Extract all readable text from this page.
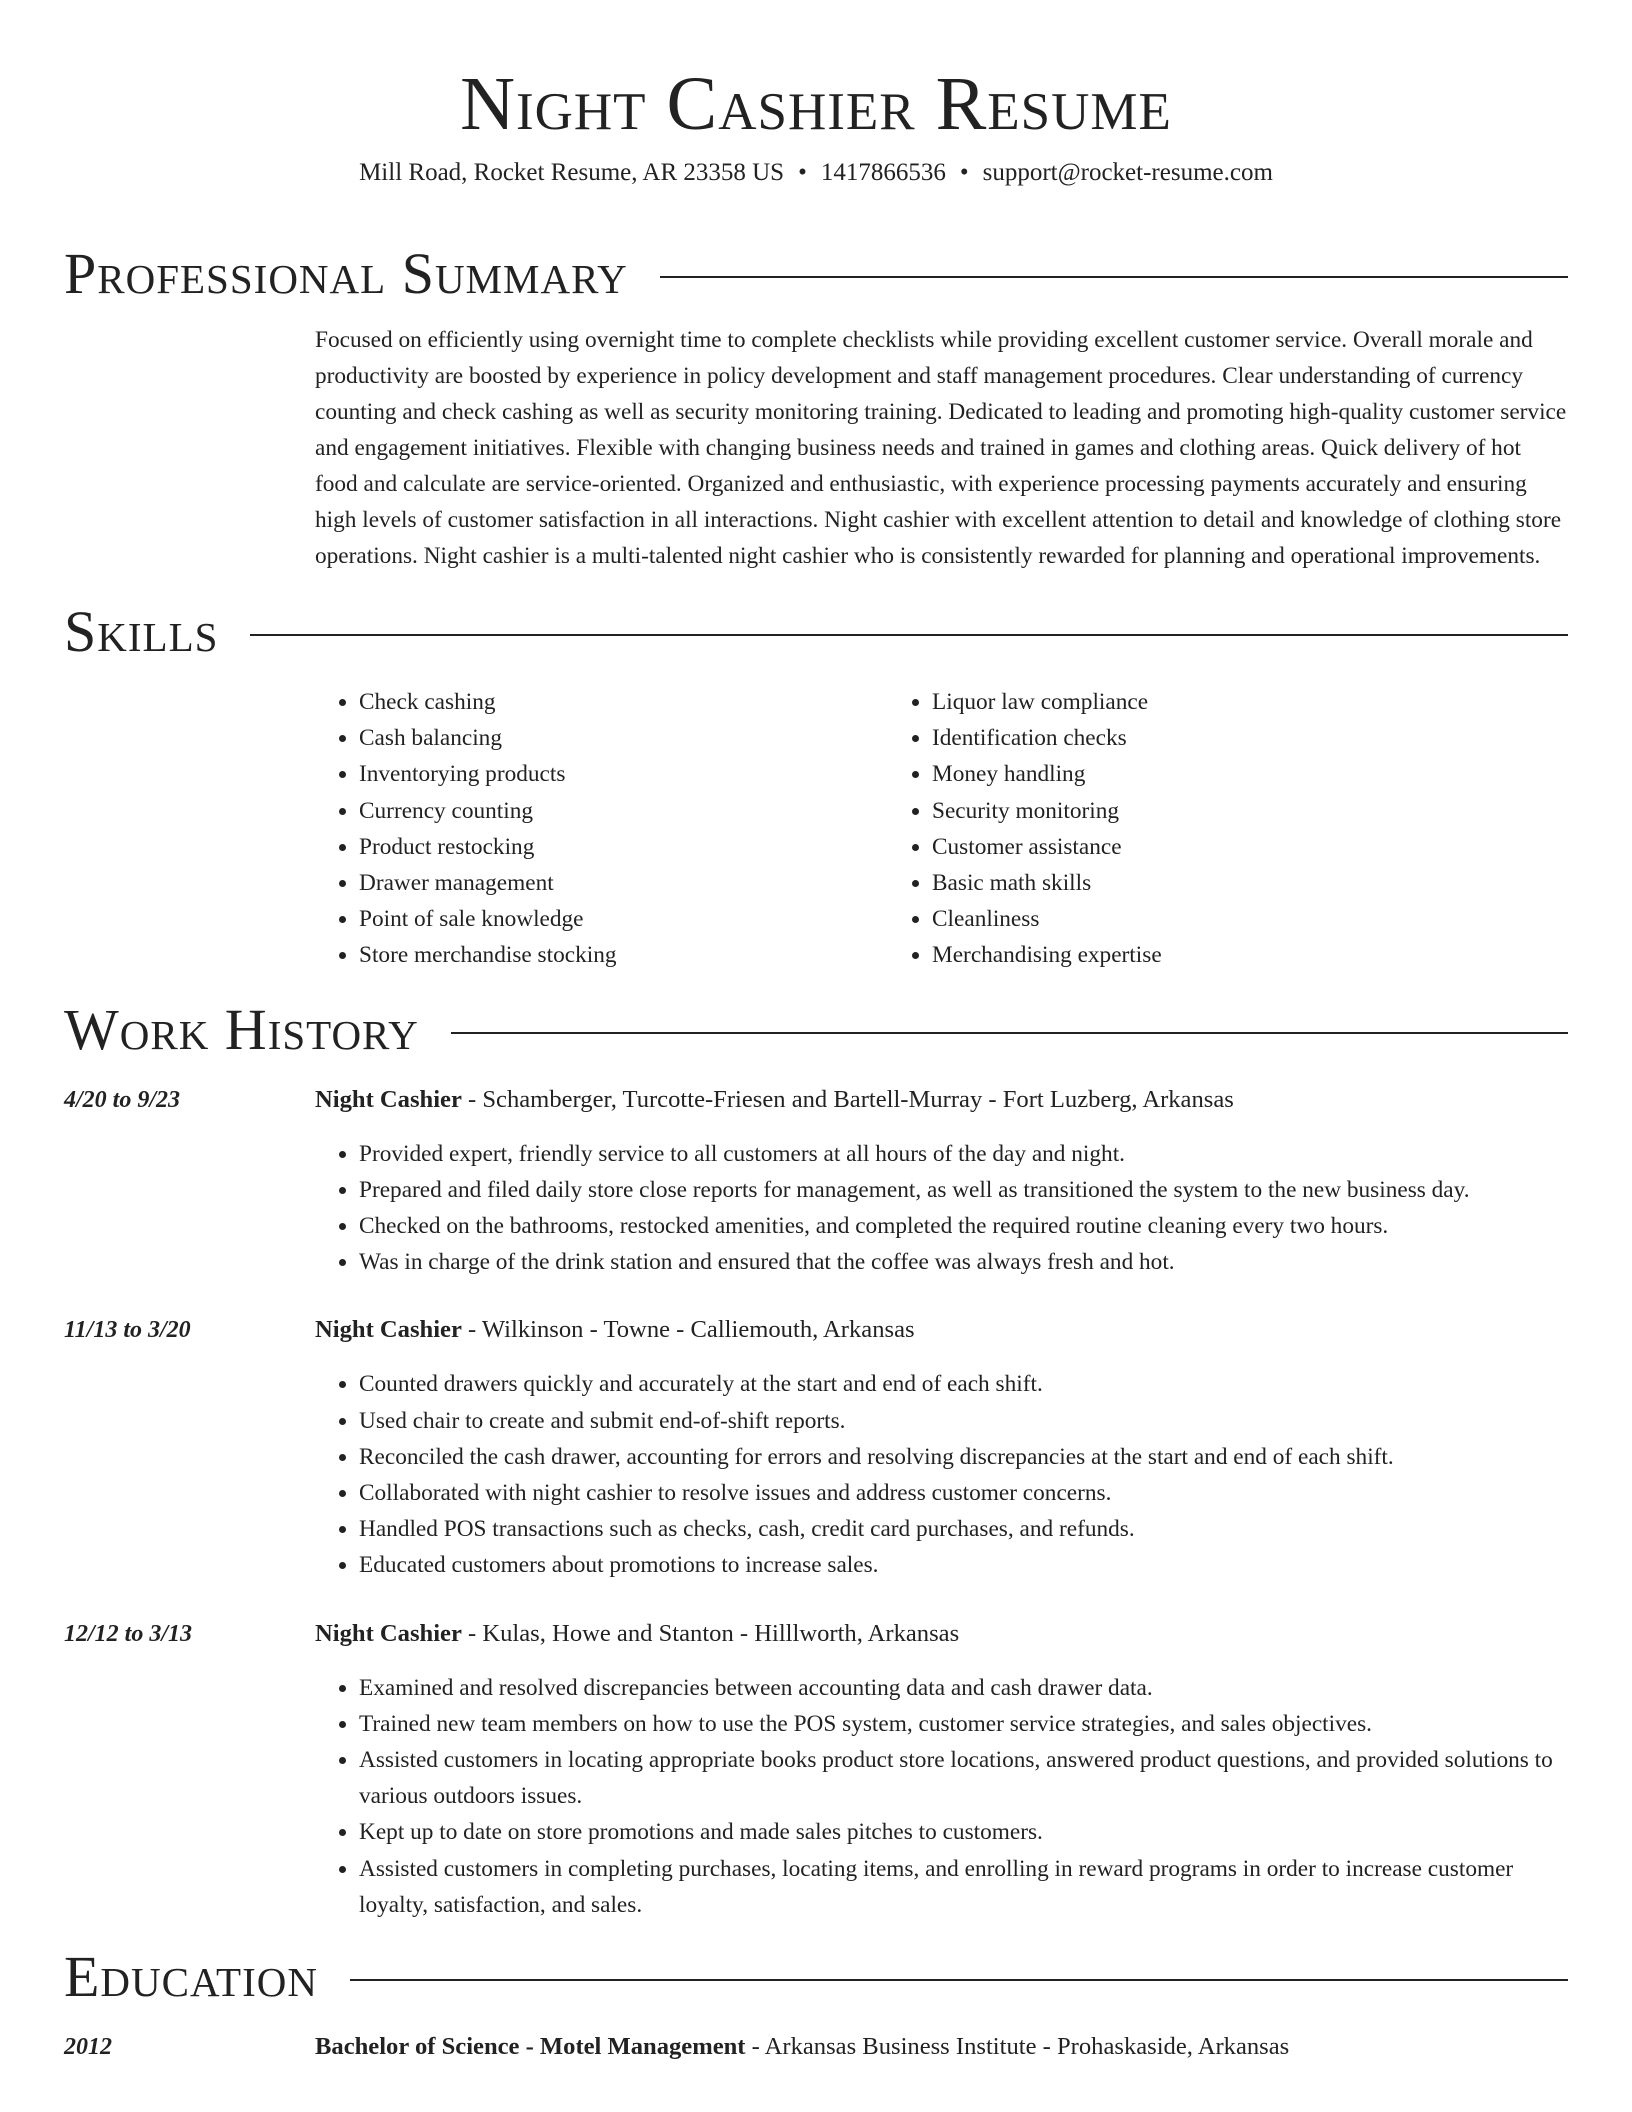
Night Cashier Resume
Mill Road, Rocket Resume, AR 23358 US • 1417866536 • support@rocket-resume.com
Professional Summary

Focused on efficiently using overnight time to complete checklists while providing excellent customer service. Overall morale and productivity are boosted by experience in policy development and staff management procedures. Clear understanding of currency counting and check cashing as well as security monitoring training. Dedicated to leading and promoting high-quality customer service and engagement initiatives. Flexible with changing business needs and trained in games and clothing areas. Quick delivery of hot food and calculate are service-oriented. Organized and enthusiastic, with experience processing payments accurately and ensuring high levels of customer satisfaction in all interactions. Night cashier with excellent attention to detail and knowledge of clothing store operations. Night cashier is a multi-talented night cashier who is consistently rewarded for planning and operational improvements.

Skills
• Check cashing
• Cash balancing
• Inventorying products
• Currency counting
• Product restocking
• Drawer management
• Point of sale knowledge
• Store merchandise stocking
• Liquor law compliance
• Identification checks
• Money handling
• Security monitoring
• Customer assistance
• Basic math skills
• Cleanliness
• Merchandising expertise
Work History
4/20 to 9/23	Night Cashier - Schamberger, Turcotte-Friesen and Bartell-Murray - Fort Luzberg, Arkansas
• Provided expert, friendly service to all customers at all hours of the day and night.
• Prepared and filed daily store close reports for management, as well as transitioned the system to the new business day.
• Checked on the bathrooms, restocked amenities, and completed the required routine cleaning every two hours.
• Was in charge of the drink station and ensured that the coffee was always fresh and hot.
11/13 to 3/20	Night Cashier - Wilkinson - Towne - Calliemouth, Arkansas
• Counted drawers quickly and accurately at the start and end of each shift.
• Used chair to create and submit end-of-shift reports.
• Reconciled the cash drawer, accounting for errors and resolving discrepancies at the start and end of each shift.
• Collaborated with night cashier to resolve issues and address customer concerns.
• Handled POS transactions such as checks, cash, credit card purchases, and refunds.
• Educated customers about promotions to increase sales.
12/12 to 3/13	Night Cashier - Kulas, Howe and Stanton - Hilllworth, Arkansas
• Examined and resolved discrepancies between accounting data and cash drawer data.
• Trained new team members on how to use the POS system, customer service strategies, and sales objectives.
• Assisted customers in locating appropriate books product store locations, answered product questions, and provided solutions to various outdoors issues.
• Kept up to date on store promotions and made sales pitches to customers.
• Assisted customers in completing purchases, locating items, and enrolling in reward programs in order to increase customer loyalty, satisfaction, and sales.
Education
2012	Bachelor of Science - Motel Management - Arkansas Business Institute - Prohaskaside, Arkansas
